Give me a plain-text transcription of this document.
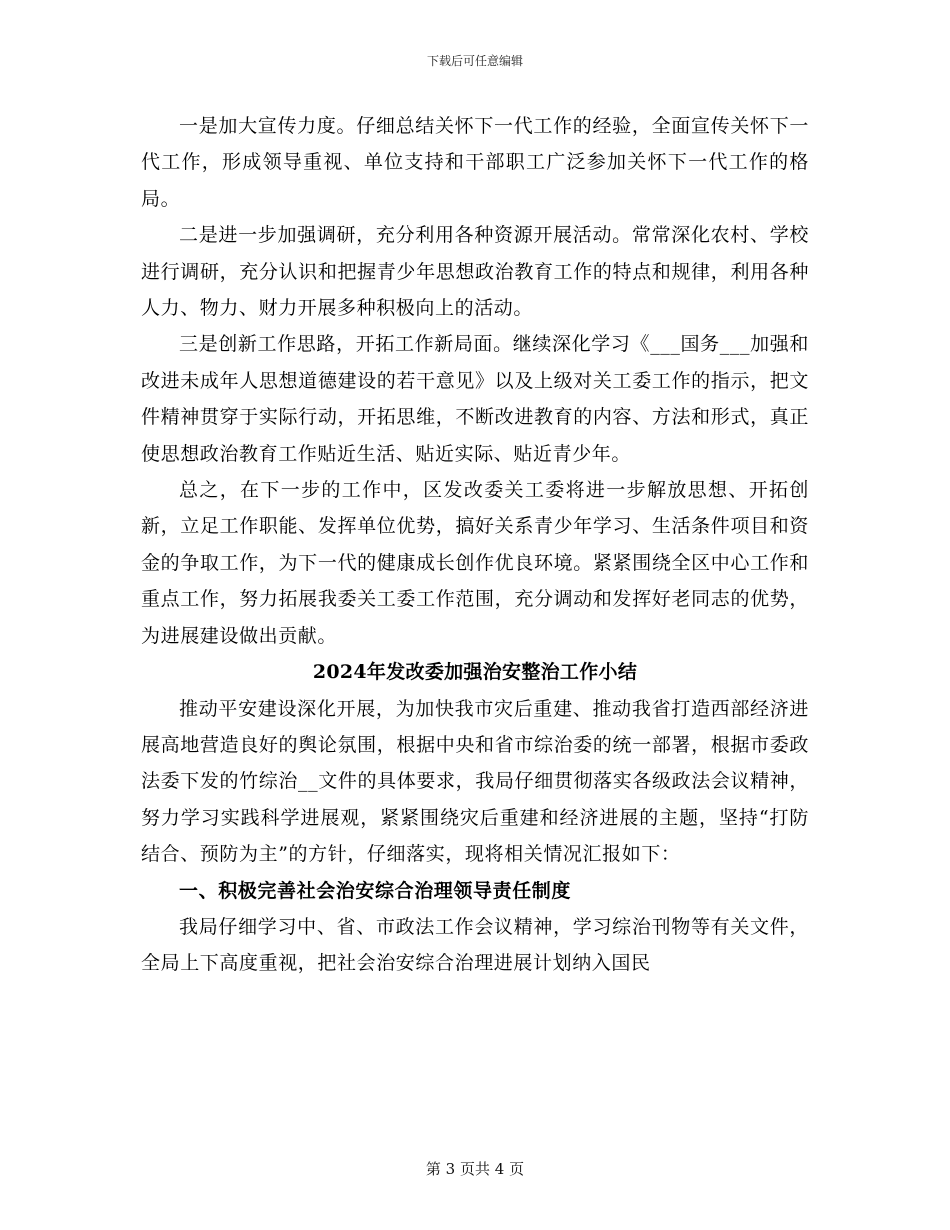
下载后可任意编辑

一是加大宣传力度。仔细总结关怀下一代工作的经验，全面宣传关怀下一代工作，形成领导重视、单位支持和干部职工广泛参加关怀下一代工作的格局。

二是进一步加强调研，充分利用各种资源开展活动。常常深化农村、学校进行调研，充分认识和把握青少年思想政治教育工作的特点和规律，利用各种人力、物力、财力开展多种积极向上的活动。

三是创新工作思路，开拓工作新局面。继续深化学习《___国务___加强和改进未成年人思想道德建设的若干意见》以及上级对关工委工作的指示，把文件精神贯穿于实际行动，开拓思维，不断改进教育的内容、方法和形式，真正使思想政治教育工作贴近生活、贴近实际、贴近青少年。

总之，在下一步的工作中，区发改委关工委将进一步解放思想、开拓创新，立足工作职能、发挥单位优势，搞好关系青少年学习、生活条件项目和资金的争取工作，为下一代的健康成长创作优良环境。紧紧围绕全区中心工作和重点工作，努力拓展我委关工委工作范围，充分调动和发挥好老同志的优势，为进展建设做出贡献。

2024年发改委加强治安整治工作小结

推动平安建设深化开展，为加快我市灾后重建、推动我省打造西部经济进展高地营造良好的舆论氛围，根据中央和省市综治委的统一部署，根据市委政法委下发的竹综治__文件的具体要求，我局仔细贯彻落实各级政法会议精神，努力学习实践科学进展观，紧紧围绕灾后重建和经济进展的主题，坚持“打防结合、预防为主”的方针，仔细落实，现将相关情况汇报如下：

一、积极完善社会治安综合治理领导责任制度

我局仔细学习中、省、市政法工作会议精神，学习综治刊物等有关文件，全局上下高度重视，把社会治安综合治理进展计划纳入国民

第 3 页共 4 页
